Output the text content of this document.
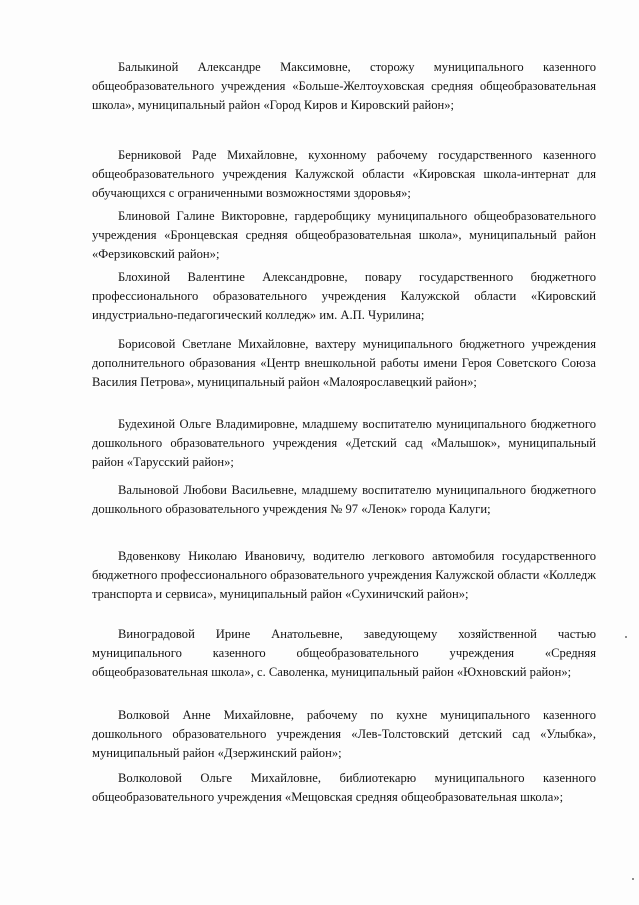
Балыкиной Александре Максимовне, сторожу муниципального казенного общеобразовательного учреждения «Больше-Желтоуховская средняя общеобразовательная школа», муниципальный район «Город Киров и Кировский район»;

Берниковой Раде Михайловне, кухонному рабочему государственного казенного общеобразовательного учреждения Калужской области «Кировская школа-интернат для обучающихся с ограниченными возможностями здоровья»;

Блиновой Галине Викторовне, гардеробщику муниципального общеобразовательного учреждения «Бронцевская средняя общеобразовательная школа», муниципальный район «Ферзиковский район»;

Блохиной Валентине Александровне, повару государственного бюджетного профессионального образовательного учреждения Калужской области «Кировский индустриально-педагогический колледж» им. А.П. Чурилина;

Борисовой Светлане Михайловне, вахтеру муниципального бюджетного учреждения дополнительного образования «Центр внешкольной работы имени Героя Советского Союза Василия Петрова», муниципальный район «Малоярославецкий район»;

Будехиной Ольге Владимировне, младшему воспитателю муниципального бюджетного дошкольного образовательного учреждения «Детский сад «Малышок», муниципальный район «Тарусский район»;

Валыновой Любови Васильевне, младшему воспитателю муниципального бюджетного дошкольного образовательного учреждения № 97 «Ленок» города Калуги;

Вдовенкову Николаю Ивановичу, водителю легкового автомобиля государственного бюджетного профессионального образовательного учреждения Калужской области «Колледж транспорта и сервиса», муниципальный район «Сухиничский район»;

Виноградовой Ирине Анатольевне, заведующему хозяйственной частью муниципального казенного общеобразовательного учреждения «Средняя общеобразовательная школа», с. Саволенка, муниципальный район «Юхновский район»;

Волковой Анне Михайловне, рабочему по кухне муниципального казенного дошкольного образовательного учреждения «Лев-Толстовский детский сад «Улыбка», муниципальный район «Дзержинский район»;

Волколовой Ольге Михайловне, библиотекарю муниципального казенного общеобразовательного учреждения «Мещовская средняя общеобразовательная школа»;
